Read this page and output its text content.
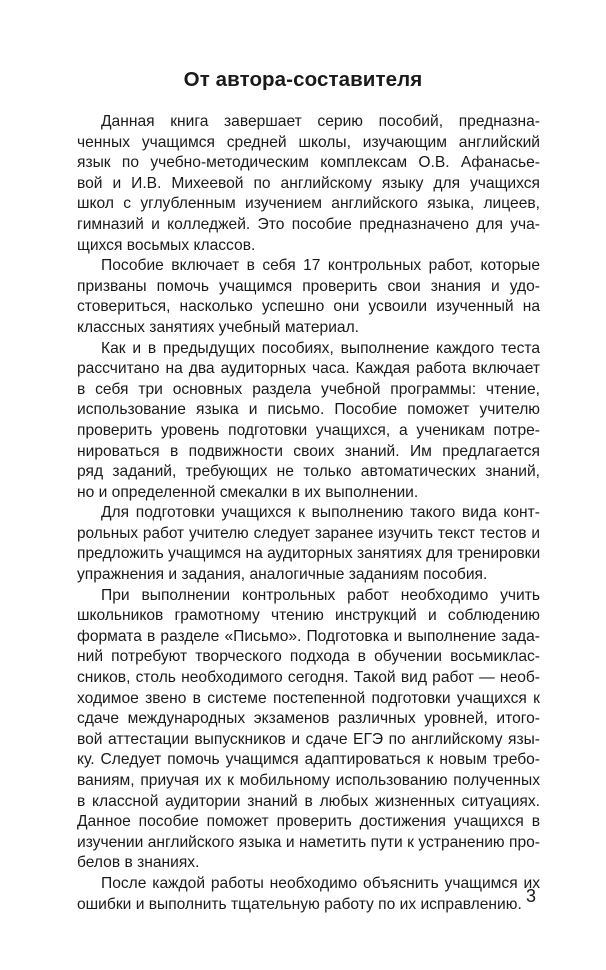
От автора-составителя
Данная книга завершает серию пособий, предназна-
ченных учащимся средней школы, изучающим английский
язык по учебно-методическим комплексам О.В. Афанасье-
вой и И.В. Михеевой по английскому языку для учащихся
школ с углубленным изучением английского языка, лицеев,
гимназий и колледжей. Это пособие предназначено для уча-
щихся восьмых классов.
Пособие включает в себя 17 контрольных работ, которые
призваны помочь учащимся проверить свои знания и удо-
стовериться, насколько успешно они усвоили изученный на
классных занятиях учебный материал.
Как и в предыдущих пособиях, выполнение каждого теста
рассчитано на два аудиторных часа. Каждая работа включает
в себя три основных раздела учебной программы: чтение,
использование языка и письмо. Пособие поможет учителю
проверить уровень подготовки учащихся, а ученикам потре-
нироваться в подвижности своих знаний. Им предлагается
ряд заданий, требующих не только автоматических знаний,
но и определенной смекалки в их выполнении.
Для подготовки учащихся к выполнению такого вида конт-
рольных работ учителю следует заранее изучить текст тестов и
предложить учащимся на аудиторных занятиях для тренировки
упражнения и задания, аналогичные заданиям пособия.
При выполнении контрольных работ необходимо учить
школьников грамотному чтению инструкций и соблюдению
формата в разделе «Письмо». Подготовка и выполнение зада-
ний потребуют творческого подхода в обучении восьмиклас-
сников, столь необходимого сегодня. Такой вид работ — необ-
ходимое звено в системе постепенной подготовки учащихся к
сдаче международных экзаменов различных уровней, итого-
вой аттестации выпускников и сдаче ЕГЭ по английскому язы-
ку. Следует помочь учащимся адаптироваться к новым требо-
ваниям, приучая их к мобильному использованию полученных
в классной аудитории знаний в любых жизненных ситуациях.
Данное пособие поможет проверить достижения учащихся в
изучении английского языка и наметить пути к устранению про-
белов в знаниях.
После каждой работы необходимо объяснить учащимся их
ошибки и выполнить тщательную работу по их исправлению. 3
